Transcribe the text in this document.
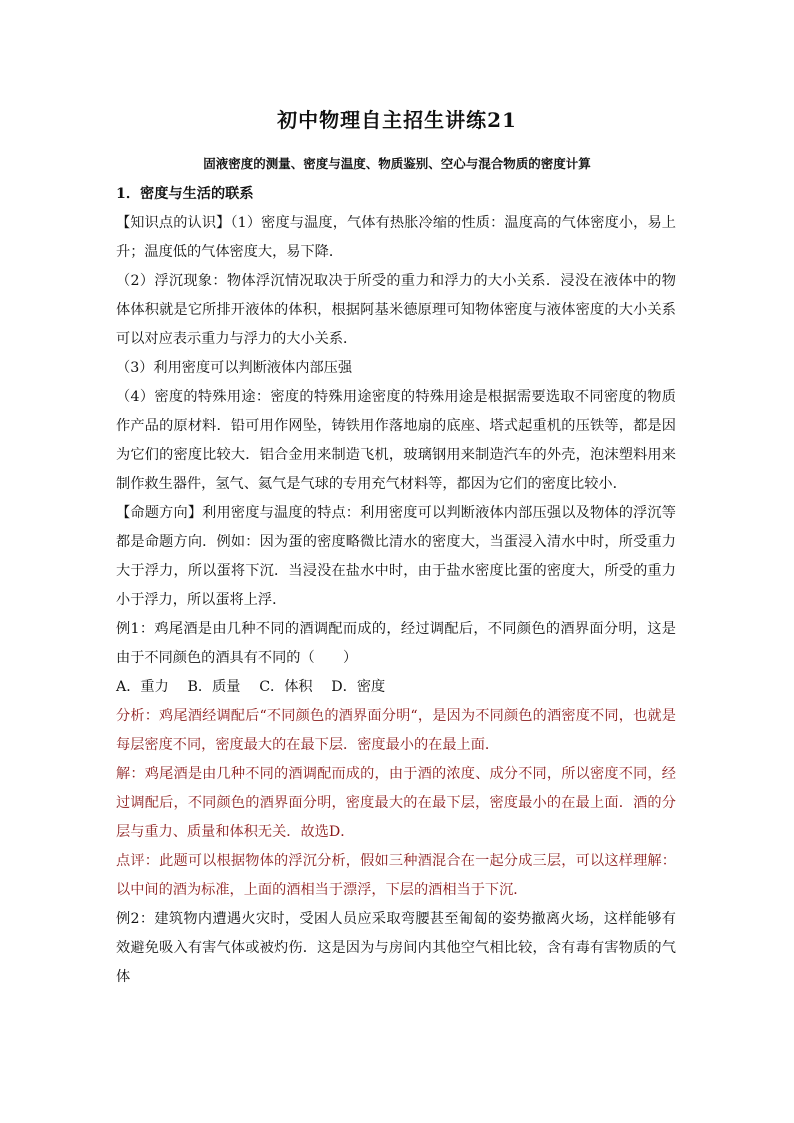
初中物理自主招生讲练21
固液密度的测量、密度与温度、物质鉴别、空心与混合物质的密度计算

1．密度与生活的联系

【知识点的认识】（1）密度与温度，气体有热胀冷缩的性质：温度高的气体密度小，易上升；温度低的气体密度大，易下降．

（2）浮沉现象：物体浮沉情况取决于所受的重力和浮力的大小关系．浸没在液体中的物体体积就是它所排开液体的体积，根据阿基米德原理可知物体密度与液体密度的大小关系可以对应表示重力与浮力的大小关系．

（3）利用密度可以判断液体内部压强

（4）密度的特殊用途：密度的特殊用途密度的特殊用途是根据需要选取不同密度的物质作产品的原材料．铅可用作网坠，铸铁用作落地扇的底座、塔式起重机的压铁等，都是因为它们的密度比较大．铝合金用来制造飞机，玻璃钢用来制造汽车的外壳，泡沫塑料用来制作救生器件，氢气、氦气是气球的专用充气材料等，都因为它们的密度比较小．

【命题方向】利用密度与温度的特点：利用密度可以判断液体内部压强以及物体的浮沉等都是命题方向．例如：因为蛋的密度略微比清水的密度大，当蛋浸入清水中时，所受重力大于浮力，所以蛋将下沉．当浸没在盐水中时，由于盐水密度比蛋的密度大，所受的重力小于浮力，所以蛋将上浮．

例1：鸡尾酒是由几种不同的酒调配而成的，经过调配后，不同颜色的酒界面分明，这是由于不同颜色的酒具有不同的（　　）

A．重力　 B．质量　 C．体积　 D．密度

分析：鸡尾酒经调配后“不同颜色的酒界面分明“，是因为不同颜色的酒密度不同，也就是每层密度不同，密度最大的在最下层．密度最小的在最上面．

解：鸡尾酒是由几种不同的酒调配而成的，由于酒的浓度、成分不同，所以密度不同，经过调配后，不同颜色的酒界面分明，密度最大的在最下层，密度最小的在最上面．酒的分层与重力、质量和体积无关．故选D．

点评：此题可以根据物体的浮沉分析，假如三种酒混合在一起分成三层，可以这样理解：以中间的酒为标准，上面的酒相当于漂浮，下层的酒相当于下沉．

例2：建筑物内遭遇火灾时，受困人员应采取弯腰甚至匍匐的姿势撤离火场，这样能够有效避免吸入有害气体或被灼伤．这是因为与房间内其他空气相比较，含有毒有害物质的气体
